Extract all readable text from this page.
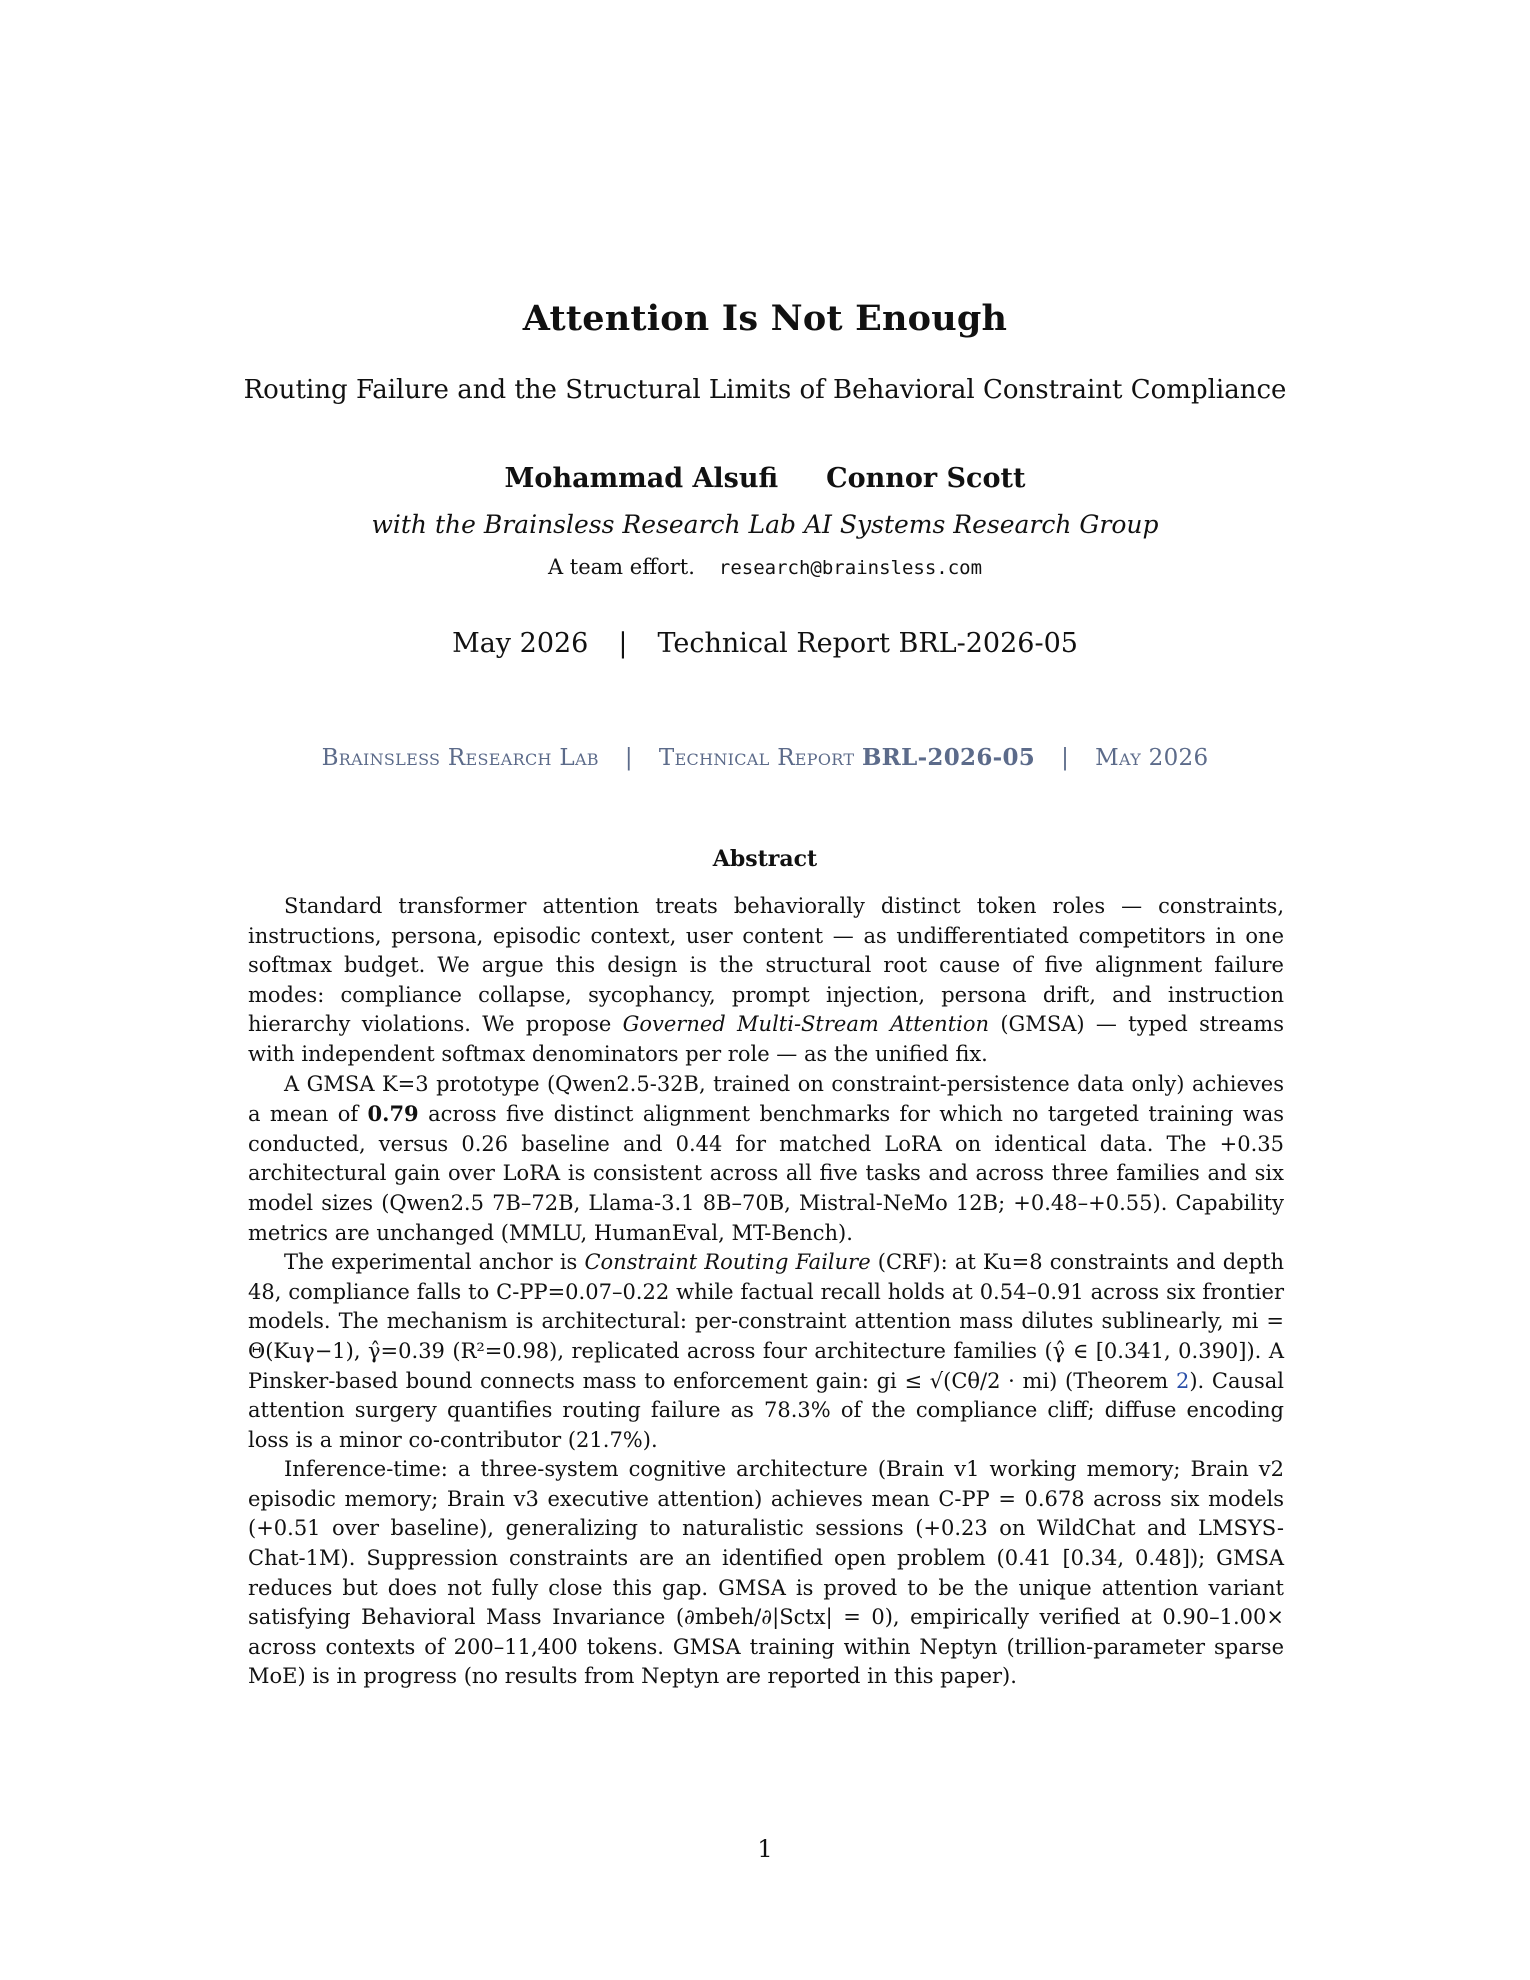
Attention Is Not Enough
Routing Failure and the Structural Limits of Behavioral Constraint Compliance
Mohammad Alsufi Connor Scott
with the Brainsless Research Lab AI Systems Research Group
A team effort. research@brainsless.com
May 2026 | Technical Report BRL-2026-05
Brainsless Research Lab | Technical Report BRL-2026-05 | May 2026
Abstract

Standard transformer attention treats behaviorally distinct token roles — constraints, instructions, persona, episodic context, user content — as undifferentiated competitors in one softmax budget. We argue this design is the structural root cause of five alignment failure modes: compliance collapse, sycophancy, prompt injection, persona drift, and instruction hierarchy violations. We propose Governed Multi-Stream Attention (GMSA) — typed streams with independent softmax denominators per role — as the unified fix.

A GMSA K=3 prototype (Qwen2.5-32B, trained on constraint-persistence data only) achieves a mean of 0.79 across five distinct alignment benchmarks for which no targeted training was conducted, versus 0.26 baseline and 0.44 for matched LoRA on identical data. The +0.35 architectural gain over LoRA is consistent across all five tasks and across three families and six model sizes (Qwen2.5 7B–72B, Llama-3.1 8B–70B, Mistral-NeMo 12B; +0.48–+0.55). Capability metrics are unchanged (MMLU, HumanEval, MT-Bench).

The experimental anchor is Constraint Routing Failure (CRF): at Ku=8 constraints and depth 48, compliance falls to C-PP=0.07–0.22 while factual recall holds at 0.54–0.91 across six frontier models. The mechanism is architectural: per-constraint attention mass dilutes sublinearly, mi = Θ(Kuγ−1), γ̂=0.39 (R²=0.98), replicated across four architecture families (γ̂ ∈ [0.341, 0.390]). A Pinsker-based bound connects mass to enforcement gain: gi ≤ √(Cθ/2 · mi) (Theorem 2). Causal attention surgery quantifies routing failure as 78.3% of the compliance cliff; diffuse encoding loss is a minor co-contributor (21.7%).

Inference-time: a three-system cognitive architecture (Brain v1 working memory; Brain v2 episodic memory; Brain v3 executive attention) achieves mean C-PP = 0.678 across six models (+0.51 over baseline), generalizing to naturalistic sessions (+0.23 on WildChat and LMSYS-Chat-1M). Suppression constraints are an identified open problem (0.41 [0.34, 0.48]); GMSA reduces but does not fully close this gap. GMSA is proved to be the unique attention variant satisfying Behavioral Mass Invariance (∂mbeh/∂|Sctx| = 0), empirically verified at 0.90–1.00× across contexts of 200–11,400 tokens. GMSA training within Neptyn (trillion-parameter sparse MoE) is in progress (no results from Neptyn are reported in this paper).

1
